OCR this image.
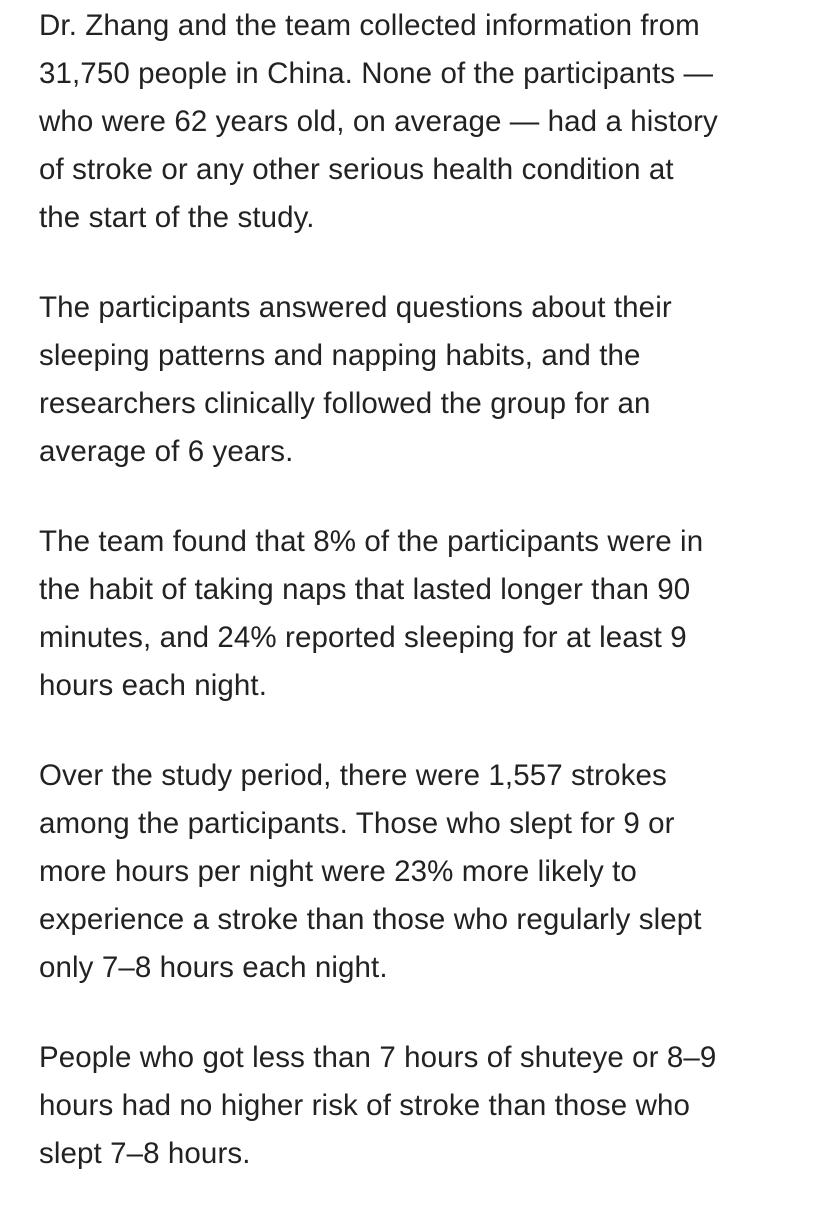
Dr. Zhang and the team collected information from
31,750 people in China. None of the participants —
who were 62 years old, on average — had a history
of stroke or any other serious health condition at
the start of the study.

The participants answered questions about their
sleeping patterns and napping habits, and the
researchers clinically followed the group for an
average of 6 years.

The team found that 8% of the participants were in
the habit of taking naps that lasted longer than 90
minutes, and 24% reported sleeping for at least 9
hours each night.

Over the study period, there were 1,557 strokes
among the participants. Those who slept for 9 or
more hours per night were 23% more likely to
experience a stroke than those who regularly slept
only 7–8 hours each night.

People who got less than 7 hours of shuteye or 8–9
hours had no higher risk of stroke than those who
slept 7–8 hours.
